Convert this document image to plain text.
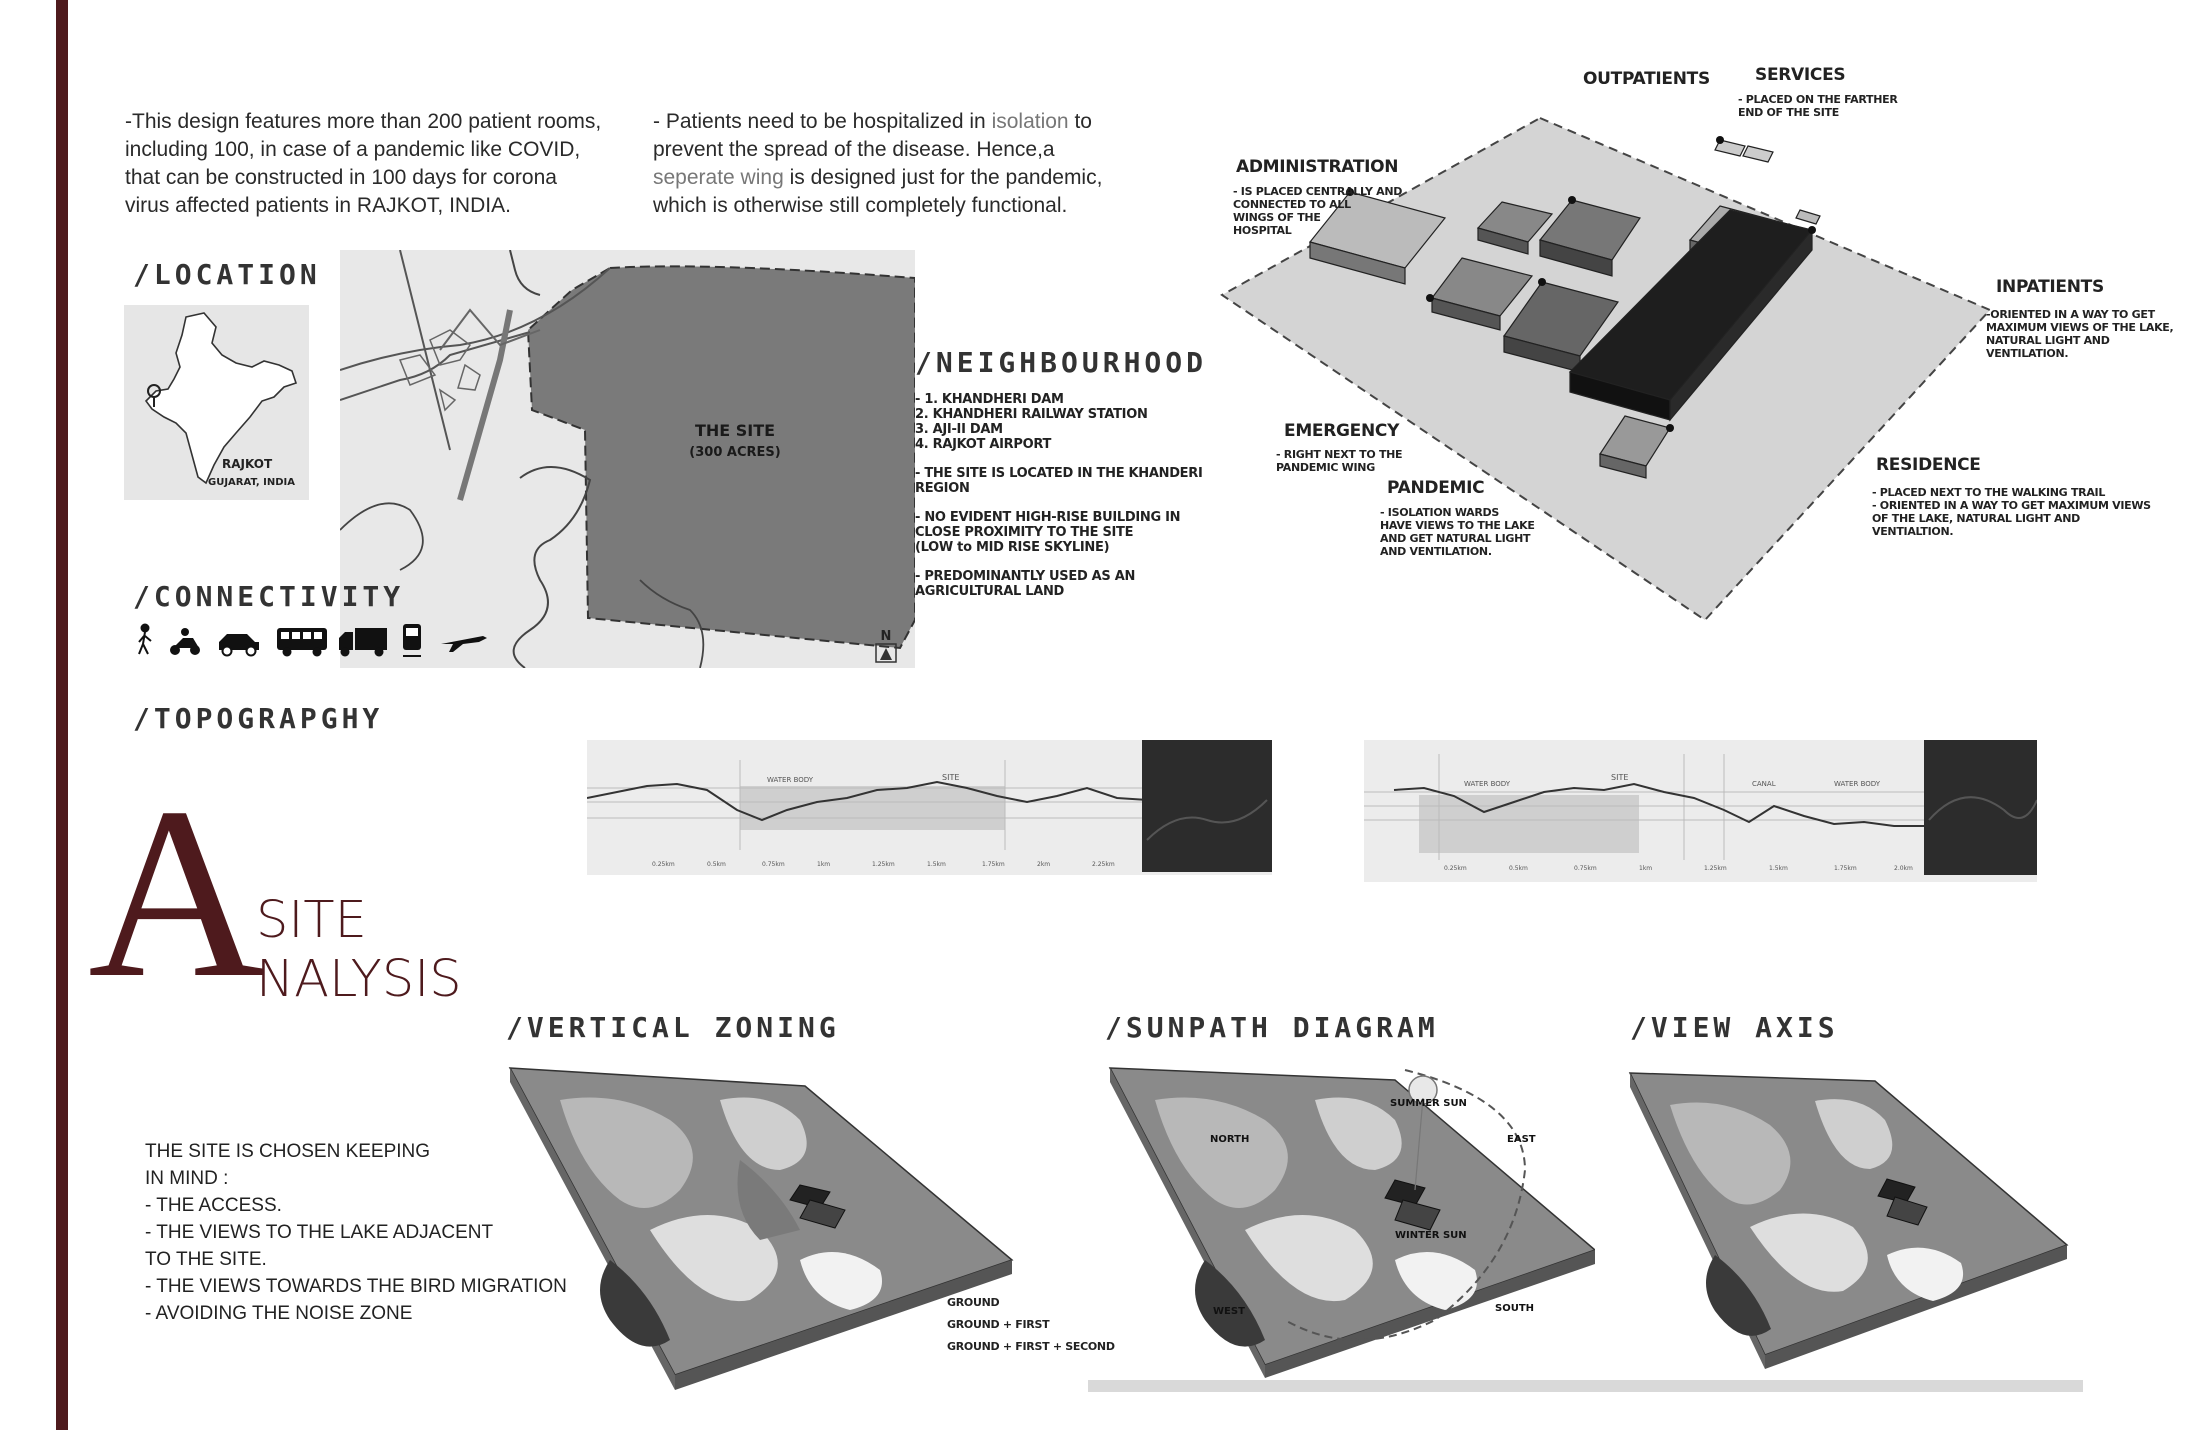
-This design features more than 200 patient rooms,
including 100, in case of a pandemic like COVID,
that can be constructed in 100 days for corona
virus affected patients in RAJKOT, INDIA.
- Patients need to be hospitalized in isolation to
prevent the spread of the disease. Hence,a
seperate wing is designed just for the pandemic,
which is otherwise still completely functional.
/LOCATION
RAJKOT
GUJARAT, INDIA
THE SITE
(300 ACRES)
N
/CONNECTIVITY
/NEIGHBOURHOOD
- 1. KHANDHERI DAM
2. KHANDHERI RAILWAY STATION
3. AJI-II DAM
4. RAJKOT AIRPORT
- THE SITE IS LOCATED IN THE KHANDERI
REGION
- NO EVIDENT HIGH-RISE BUILDING IN
CLOSE PROXIMITY TO THE SITE
(LOW to MID RISE SKYLINE)
- PREDOMINANTLY USED AS AN
AGRICULTURAL LAND
OUTPATIENTS	SERVICES
- PLACED ON THE FARTHER
END OF THE SITE
ADMINISTRATION
- IS PLACED CENTRALLY AND
CONNECTED TO ALL
WINGS OF THE
HOSPITAL
INPATIENTS
-ORIENTED IN A WAY TO GET
MAXIMUM VIEWS OF THE LAKE,
NATURAL LIGHT AND
VENTILATION.
EMERGENCY
- RIGHT NEXT TO THE
PANDEMIC WING
PANDEMIC
- ISOLATION WARDS
HAVE VIEWS TO THE LAKE
AND GET NATURAL LIGHT
AND VENTILATION.
RESIDENCE
- PLACED NEXT TO THE WALKING TRAIL
- ORIENTED IN A WAY TO GET MAXIMUM VIEWS
OF THE LAKE, NATURAL LIGHT AND
VENTIALTION.
/TOPOGRAPGHY
WATER BODY	SITE
0.25km	0.5km	0.75km	1km	1.25km	1.5km	1.75km	2km	2.25km
WATER BODY
SITE
CANAL	WATER BODY
0.25km	0.5km	0.75km	1km	1.25km	1.5km	1.75km	2.0km
A
SITE
NALYSIS
/VERTICAL ZONING
GROUND
GROUND + FIRST
GROUND + FIRST + SECOND
THE SITE IS CHOSEN KEEPING
IN MIND :
- THE ACCESS.
- THE VIEWS TO THE LAKE ADJACENT
TO THE SITE.
- THE VIEWS TOWARDS THE BIRD MIGRATION
- AVOIDING THE NOISE ZONE
/SUNPATH DIAGRAM
SUMMER SUN
WINTER SUN
NORTH	EAST
SOUTH
WEST
/VIEW AXIS
